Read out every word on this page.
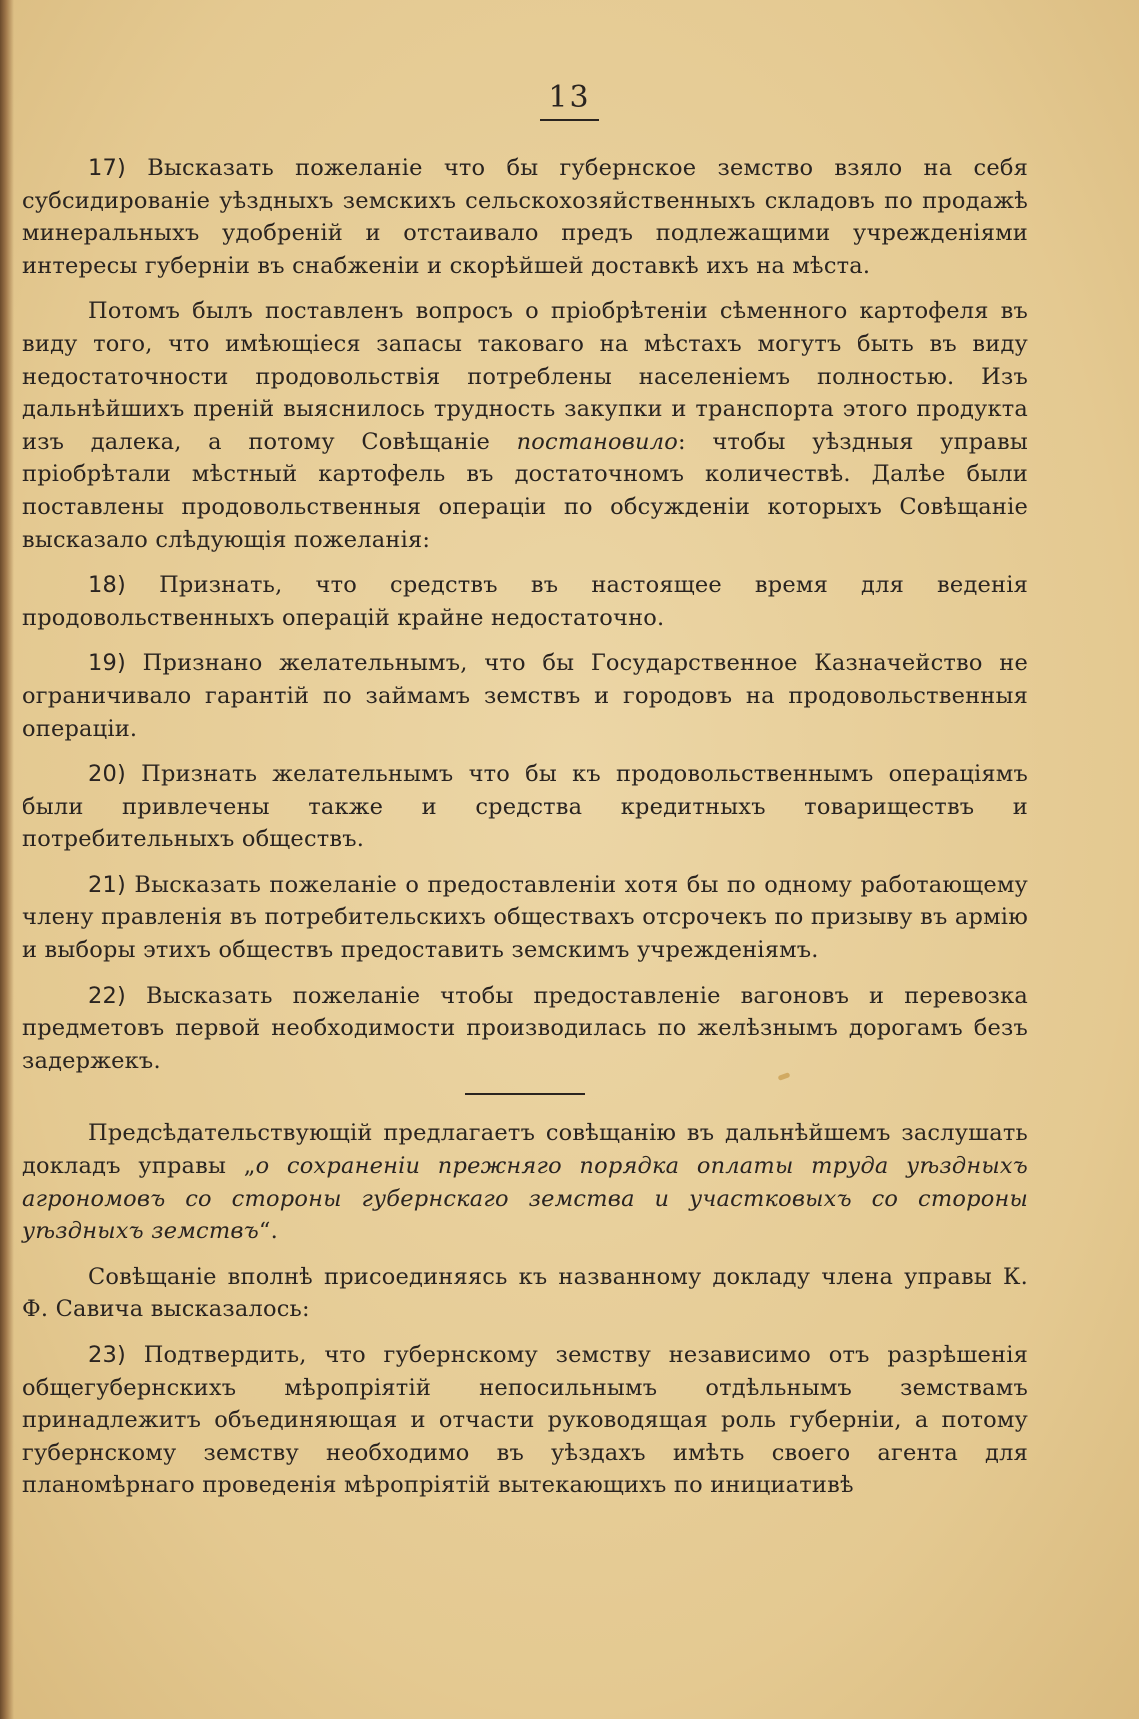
13

17) Высказать пожеланіе что бы губернское земство взяло на себя субсидированіе уѣздныхъ земскихъ сельскохозяйственныхъ складовъ по продажѣ минеральныхъ удобреній и отстаивало предъ подлежащими учрежденіями интересы губерніи въ снабженіи и скорѣйшей доставкѣ ихъ на мѣста.

Потомъ былъ поставленъ вопросъ о пріобрѣтеніи сѣменного картофеля въ виду того, что имѣющіеся запасы таковаго на мѣстахъ могутъ быть въ виду недостаточности продовольствія потреблены населеніемъ полностью. Изъ дальнѣйшихъ преній выяснилось трудность закупки и транспорта этого продукта изъ далека, а потому Совѣщаніе постановило: чтобы уѣздныя управы пріобрѣтали мѣстный картофель въ достаточномъ количествѣ. Далѣе были поставлены продовольственныя операціи по обсужденіи которыхъ Совѣщаніе высказало слѣдующія пожеланія:

18) Признать, что средствъ въ настоящее время для веденія продовольственныхъ операцій крайне недостаточно.

19) Признано желательнымъ, что бы Государственное Казначейство не ограничивало гарантій по займамъ земствъ и городовъ на продовольственныя операціи.

20) Признать желательнымъ что бы къ продовольственнымъ операціямъ были привлечены также и средства кредитныхъ товариществъ и потребительныхъ обществъ.

21) Высказать пожеланіе о предоставленіи хотя бы по одному работающему члену правленія въ потребительскихъ обществахъ отсрочекъ по призыву въ армію и выборы этихъ обществъ предоставить земскимъ учрежденіямъ.

22) Высказать пожеланіе чтобы предоставленіе вагоновъ и перевозка предметовъ первой необходимости производилась по желѣзнымъ дорогамъ безъ задержекъ.

Предсѣдательствующій предлагаетъ совѣщанію въ дальнѣйшемъ заслушать докладъ управы „о сохраненіи прежняго порядка оплаты труда уѣздныхъ агрономовъ со стороны губернскаго земства и участковыхъ со стороны уѣздныхъ земствъ“.

Совѣщаніе вполнѣ присоединяясь къ названному докладу члена управы К. Ф. Савича высказалось:

23) Подтвердить, что губернскому земству независимо отъ разрѣшенія общегубернскихъ мѣропріятій непосильнымъ отдѣльнымъ земствамъ принадлежитъ объединяющая и отчасти руководящая роль губерніи, а потому губернскому земству необходимо въ уѣздахъ имѣть своего агента для планомѣрнаго проведенія мѣропріятій вытекающихъ по инициативѣ
